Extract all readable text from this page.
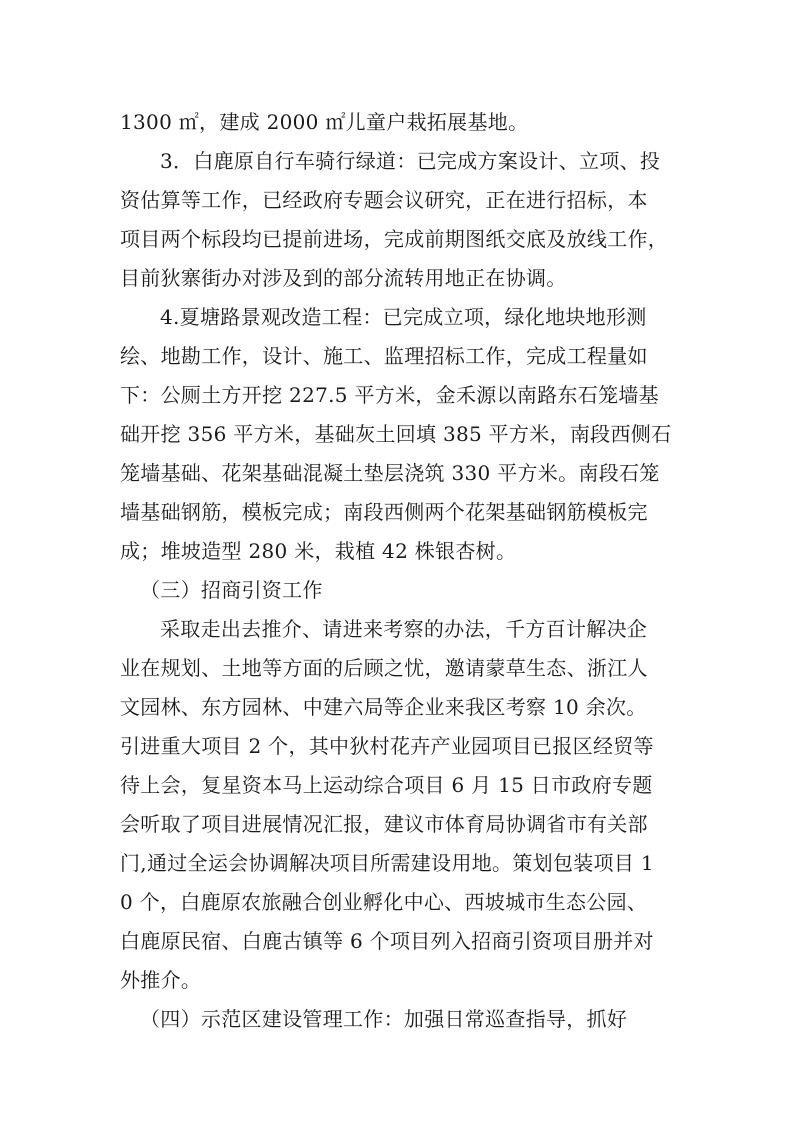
1300 ㎡，建成 2000 ㎡儿童户栽拓展基地。
3．白鹿原自行车骑行绿道：已完成方案设计、立项、投
资估算等工作，已经政府专题会议研究，正在进行招标，本
项目两个标段均已提前进场，完成前期图纸交底及放线工作，
目前狄寨街办对涉及到的部分流转用地正在协调。
4.夏塘路景观改造工程：已完成立项，绿化地块地形测
绘、地勘工作，设计、施工、监理招标工作，完成工程量如
下：公厕土方开挖 227.5 平方米，金禾源以南路东石笼墙基
础开挖 356 平方米，基础灰土回填 385 平方米，南段西侧石
笼墙基础、花架基础混凝土垫层浇筑 330 平方米。南段石笼
墙基础钢筋，模板完成；南段西侧两个花架基础钢筋模板完
成；堆坡造型 280 米，栽植 42 株银杏树。
（三）招商引资工作
采取走出去推介、请进来考察的办法，千方百计解决企
业在规划、土地等方面的后顾之忧，邀请蒙草生态、浙江人
文园林、东方园林、中建六局等企业来我区考察 10 余次。
引进重大项目 2 个，其中狄村花卉产业园项目已报区经贸等
待上会，复星资本马上运动综合项目 6 月 15 日市政府专题
会听取了项目进展情况汇报，建议市体育局协调省市有关部
门,通过全运会协调解决项目所需建设用地。策划包装项目 1
0 个，白鹿原农旅融合创业孵化中心、西坡城市生态公园、
白鹿原民宿、白鹿古镇等 6 个项目列入招商引资项目册并对
外推介。
（四）示范区建设管理工作：加强日常巡查指导，抓好
